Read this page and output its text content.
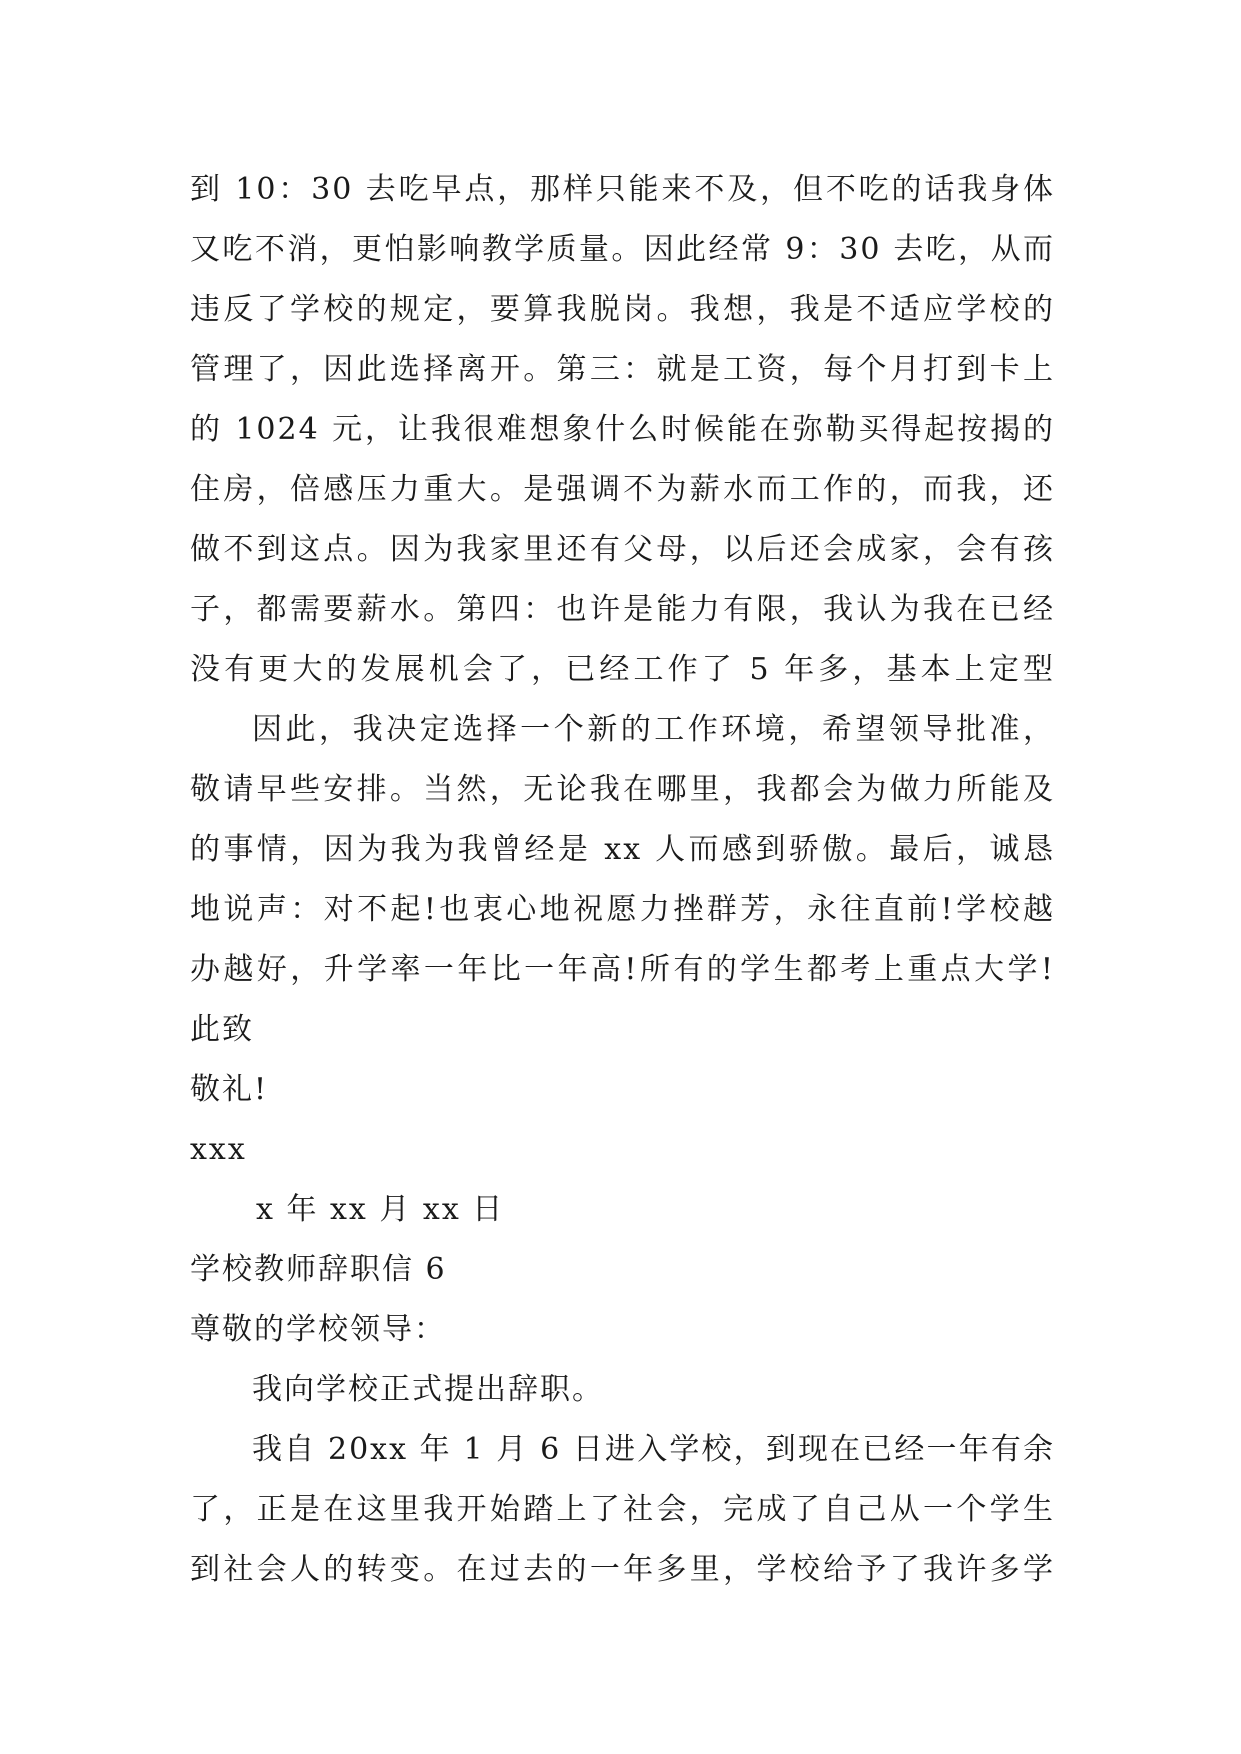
到 10：30 去吃早点，那样只能来不及，但不吃的话我身体
又吃不消，更怕影响教学质量。因此经常 9：30 去吃，从而
违反了学校的规定，要算我脱岗。我想，我是不适应学校的
管理了，因此选择离开。第三：就是工资，每个月打到卡上
的 1024 元，让我很难想象什么时候能在弥勒买得起按揭的
住房，倍感压力重大。是强调不为薪水而工作的，而我，还
做不到这点。因为我家里还有父母，以后还会成家，会有孩
子，都需要薪水。第四：也许是能力有限，我认为我在已经
没有更大的发展机会了，已经工作了 5 年多，基本上定型
因此，我决定选择一个新的工作环境，希望领导批准，
敬请早些安排。当然，无论我在哪里，我都会为做力所能及
的事情，因为我为我曾经是 xx 人而感到骄傲。最后，诚恳
地说声：对不起!也衷心地祝愿力挫群芳，永往直前!学校越
办越好，升学率一年比一年高!所有的学生都考上重点大学!
此致
敬礼!
xxx
x 年 xx 月 xx 日
学校教师辞职信 6
尊敬的学校领导：
我向学校正式提出辞职。
我自 20xx 年 1 月 6 日进入学校，到现在已经一年有余
了，正是在这里我开始踏上了社会，完成了自己从一个学生
到社会人的转变。在过去的一年多里，学校给予了我许多学
